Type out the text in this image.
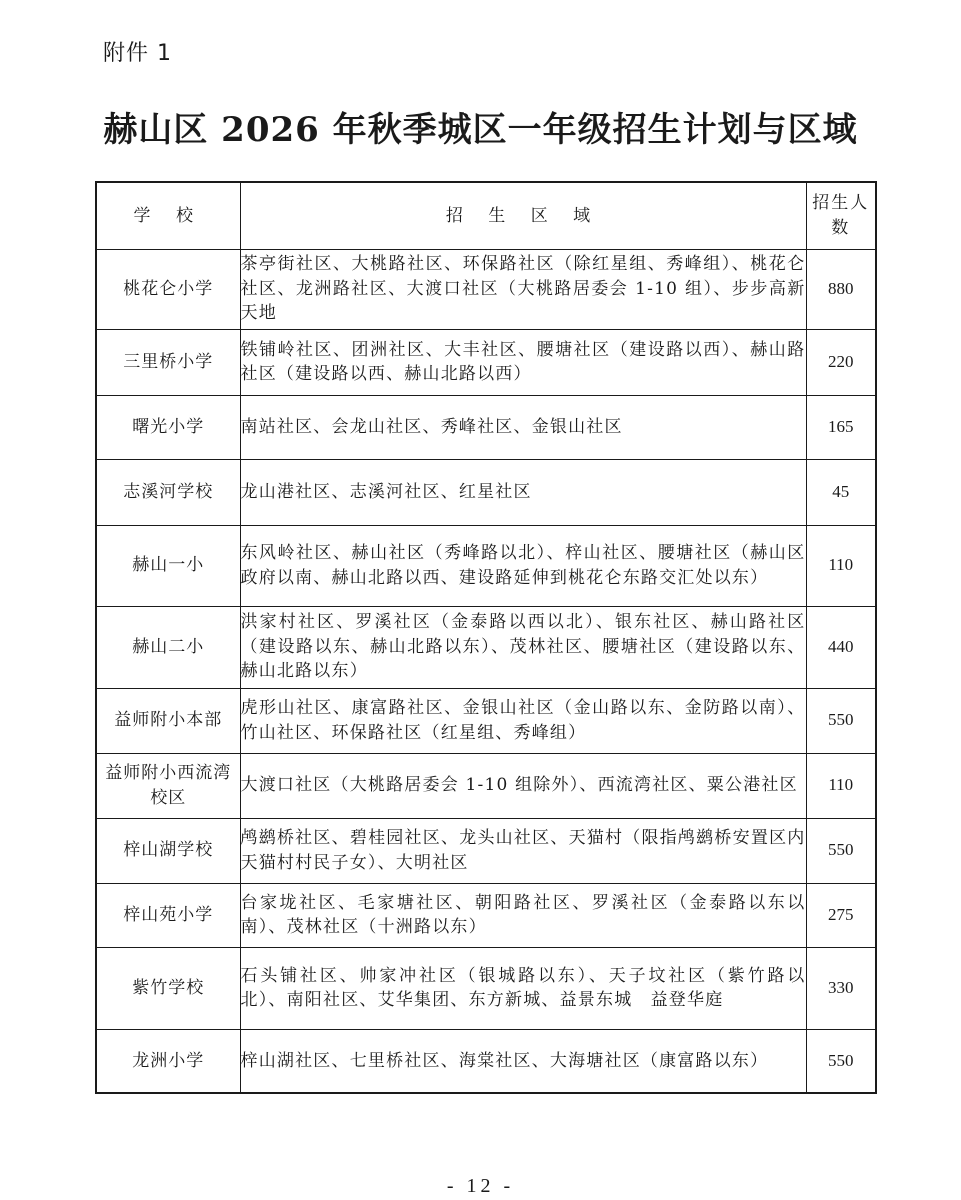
附件 1
赫山区 2026 年秋季城区一年级招生计划与区域
学 校	招 生 区 域	招生人数
桃花仑小学	茶亭街社区、大桃路社区、环保路社区（除红星组、秀峰组）、桃花仑社区、龙洲路社区、大渡口社区（大桃路居委会 1-10 组）、步步高新天地	880
三里桥小学	铁铺岭社区、团洲社区、大丰社区、腰塘社区（建设路以西）、赫山路社区（建设路以西、赫山北路以西）	220
曙光小学	南站社区、会龙山社区、秀峰社区、金银山社区	165
志溪河学校	龙山港社区、志溪河社区、红星社区	45
赫山一小	东风岭社区、赫山社区（秀峰路以北）、梓山社区、腰塘社区（赫山区政府以南、赫山北路以西、建设路延伸到桃花仑东路交汇处以东）	110
赫山二小	洪家村社区、罗溪社区（金泰路以西以北）、银东社区、赫山路社区（建设路以东、赫山北路以东）、茂林社区、腰塘社区（建设路以东、赫山北路以东）	440
益师附小本部	虎形山社区、康富路社区、金银山社区（金山路以东、金防路以南）、竹山社区、环保路社区（红星组、秀峰组）	550
益师附小西流湾校区	大渡口社区（大桃路居委会 1-10 组除外）、西流湾社区、粟公港社区	110
梓山湖学校	鸬鹚桥社区、碧桂园社区、龙头山社区、天猫村（限指鸬鹚桥安置区内天猫村村民子女）、大明社区	550
梓山苑小学	台家垅社区、毛家塘社区、朝阳路社区、罗溪社区（金泰路以东以南）、茂林社区（十洲路以东）	275
紫竹学校	石头铺社区、帅家冲社区（银城路以东）、天子坟社区（紫竹路以北）、南阳社区、艾华集团、东方新城、益景东城　益登华庭	330
龙洲小学	梓山湖社区、七里桥社区、海棠社区、大海塘社区（康富路以东）	550
- 12 -
